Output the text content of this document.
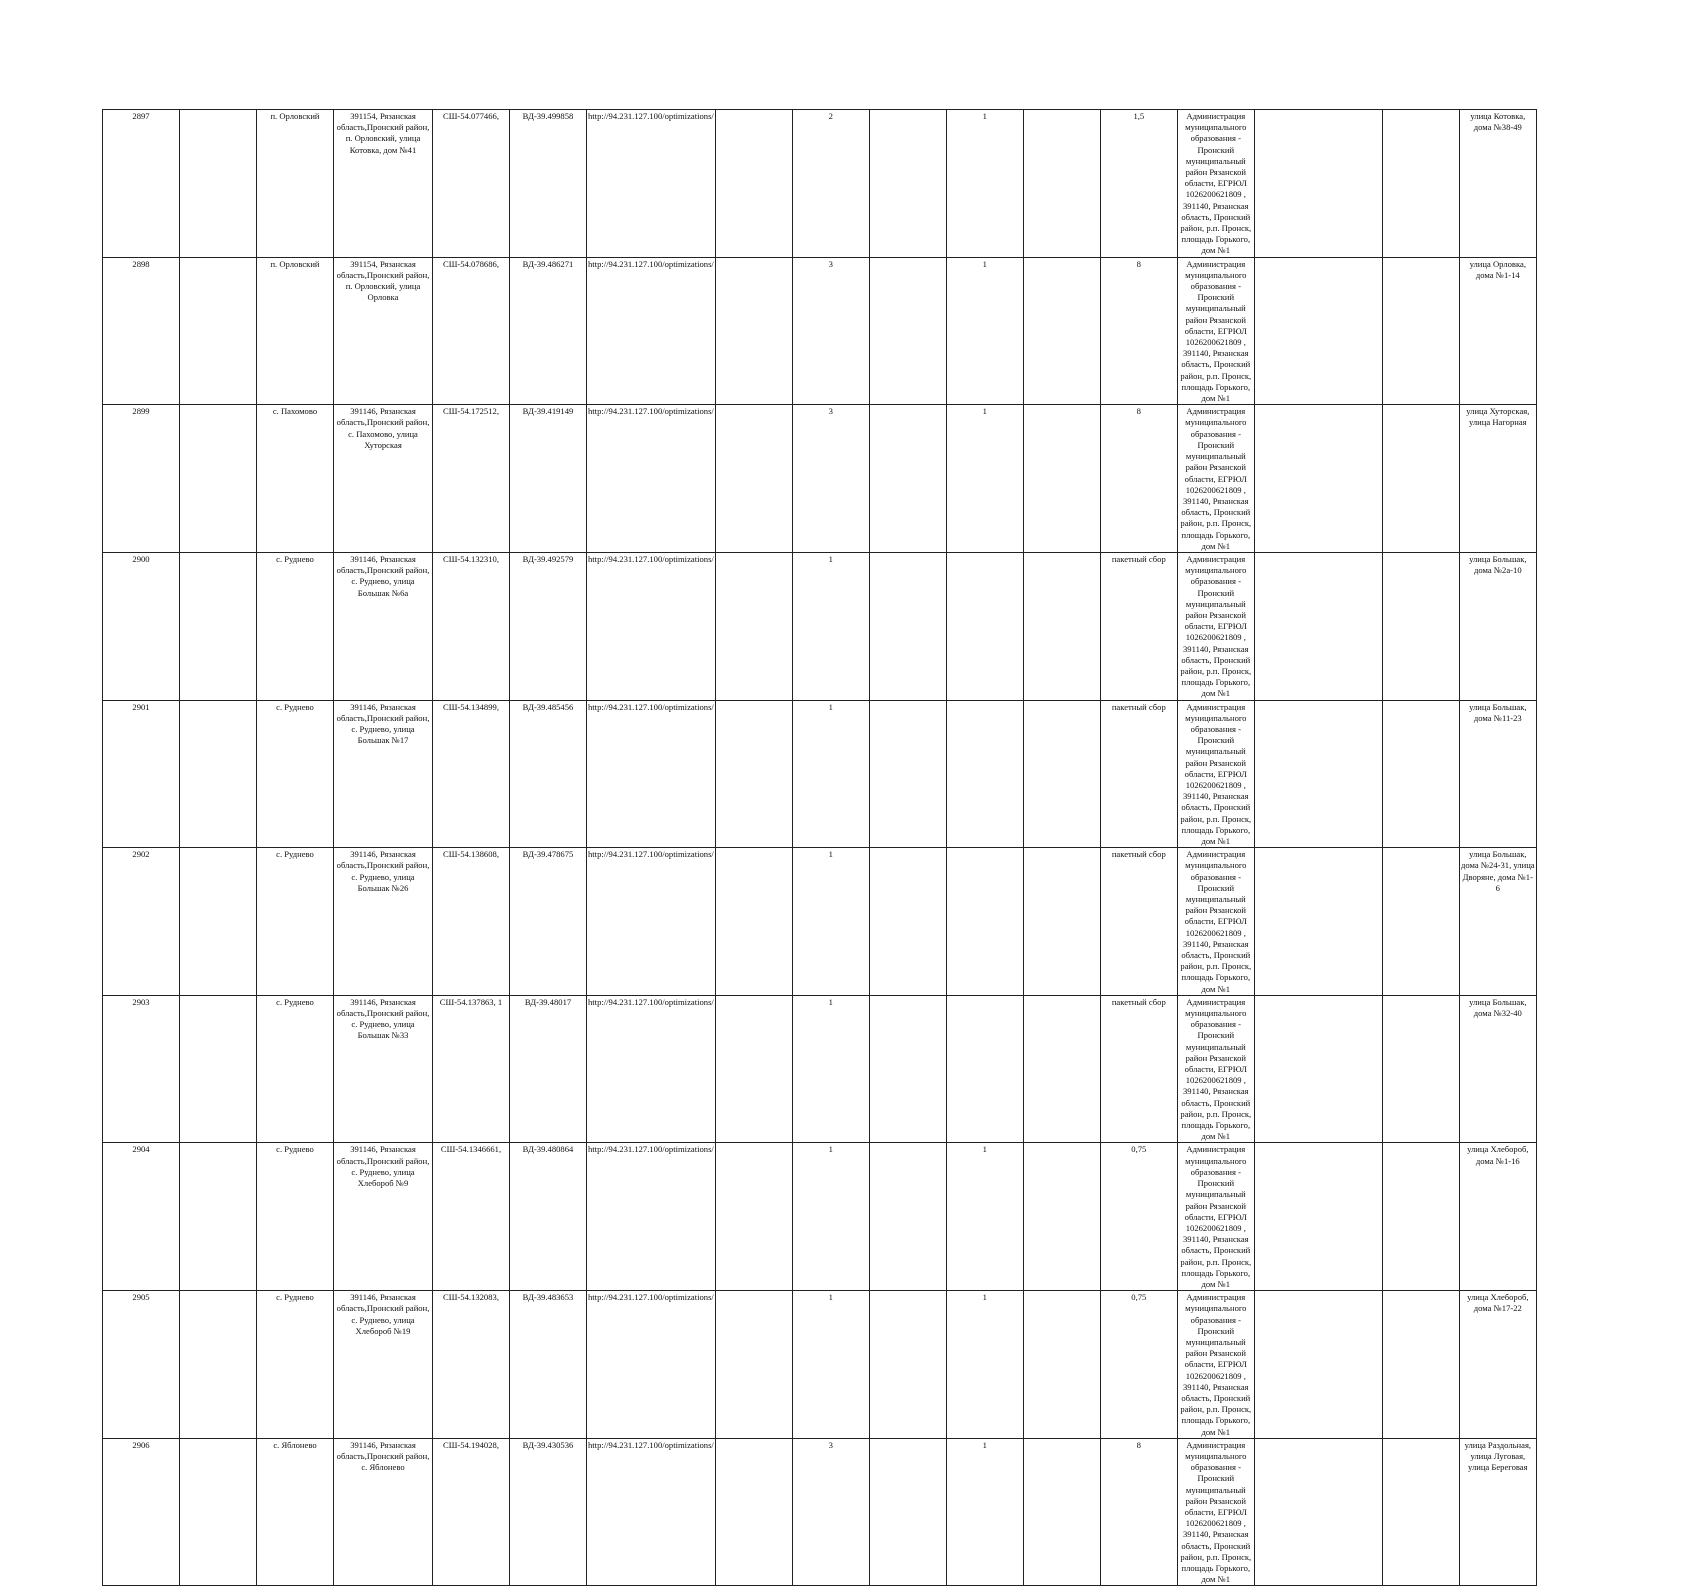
2897		п. Орловский	391154, Рязанская область,Пронский район, п. Орловский, улица Котовка, дом №41	СШ-54.077466,	ВД-39.499858	http://94.231.127.100/optimizations/		2		1		1,5	Администрация муниципального образования - Пронский муниципальный район Рязанской области, ЕГРЮЛ 1026200621809 , 391140, Рязанская область, Пронский район, р.п. Пронск, площадь Горького, дом №1			улица Котовка, дома №38-49
2898		п. Орловский	391154, Рязанская область,Пронский район, п. Орловский, улица Орловка	СШ-54.078686,	ВД-39.486271	http://94.231.127.100/optimizations/		3		1		8	Администрация муниципального образования - Пронский муниципальный район Рязанской области, ЕГРЮЛ 1026200621809 , 391140, Рязанская область, Пронский район, р.п. Пронск, площадь Горького, дом №1			улица Орловка, дома №1-14
2899		с. Пахомово	391146, Рязанская область,Пронский район, с. Пахомово, улица Хуторская	СШ-54.172512,	ВД-39.419149	http://94.231.127.100/optimizations/		3		1		8	Администрация муниципального образования - Пронский муниципальный район Рязанской области, ЕГРЮЛ 1026200621809 , 391140, Рязанская область, Пронский район, р.п. Пронск, площадь Горького, дом №1			улица Хуторская, улица Нагорная
2900		с. Руднево	391146, Рязанская область,Пронский район, с. Руднево, улица Большак №6а	СШ-54.132310,	ВД-39.492579	http://94.231.127.100/optimizations/		1				пакетный сбор	Администрация муниципального образования - Пронский муниципальный район Рязанской области, ЕГРЮЛ 1026200621809 , 391140, Рязанская область, Пронский район, р.п. Пронск, площадь Горького, дом №1			улица Большак, дома №2а-10
2901		с. Руднево	391146, Рязанская область,Пронский район, с. Руднево, улица Большак №17	СШ-54.134899,	ВД-39.485456	http://94.231.127.100/optimizations/		1				пакетный сбор	Администрация муниципального образования - Пронский муниципальный район Рязанской области, ЕГРЮЛ 1026200621809 , 391140, Рязанская область, Пронский район, р.п. Пронск, площадь Горького, дом №1			улица Большак, дома №11-23
2902		с. Руднево	391146, Рязанская область,Пронский район, с. Руднево, улица Большак №26	СШ-54.138608,	ВД-39.478675	http://94.231.127.100/optimizations/		1				пакетный сбор	Администрация муниципального образования - Пронский муниципальный район Рязанской области, ЕГРЮЛ 1026200621809 , 391140, Рязанская область, Пронский район, р.п. Пронск, площадь Горького, дом №1			улица Большак, дома №24-31, улица Дворяне, дома №1-6
2903		с. Руднево	391146, Рязанская область,Пронский район, с. Руднево, улица Большак №33	СШ-54.137863, 1	ВД-39.48017	http://94.231.127.100/optimizations/		1				пакетный сбор	Администрация муниципального образования - Пронский муниципальный район Рязанской области, ЕГРЮЛ 1026200621809 , 391140, Рязанская область, Пронский район, р.п. Пронск, площадь Горького, дом №1			улица Большак, дома №32-40
2904		с. Руднево	391146, Рязанская область,Пронский район, с. Руднево, улица Хлебороб №9	СШ-54.1346661,	ВД-39.480864	http://94.231.127.100/optimizations/		1		1		0,75	Администрация муниципального образования - Пронский муниципальный район Рязанской области, ЕГРЮЛ 1026200621809 , 391140, Рязанская область, Пронский район, р.п. Пронск, площадь Горького, дом №1			улица Хлебороб, дома №1-16
2905		с. Руднево	391146, Рязанская область,Пронский район, с. Руднево, улица Хлебороб №19	СШ-54.132083,	ВД-39.483653	http://94.231.127.100/optimizations/		1		1		0,75	Администрация муниципального образования - Пронский муниципальный район Рязанской области, ЕГРЮЛ 1026200621809 , 391140, Рязанская область, Пронский район, р.п. Пронск, площадь Горького, дом №1			улица Хлебороб, дома №17-22
2906		с. Яблонево	391146, Рязанская область,Пронский район, с. Яблонево	СШ-54.194028,	ВД-39.430536	http://94.231.127.100/optimizations/		3		1		8	Администрация муниципального образования - Пронский муниципальный район Рязанской области, ЕГРЮЛ 1026200621809 , 391140, Рязанская область, Пронский район, р.п. Пронск, площадь Горького, дом №1			улица Раздольная, улица Луговая, улица Береговая
